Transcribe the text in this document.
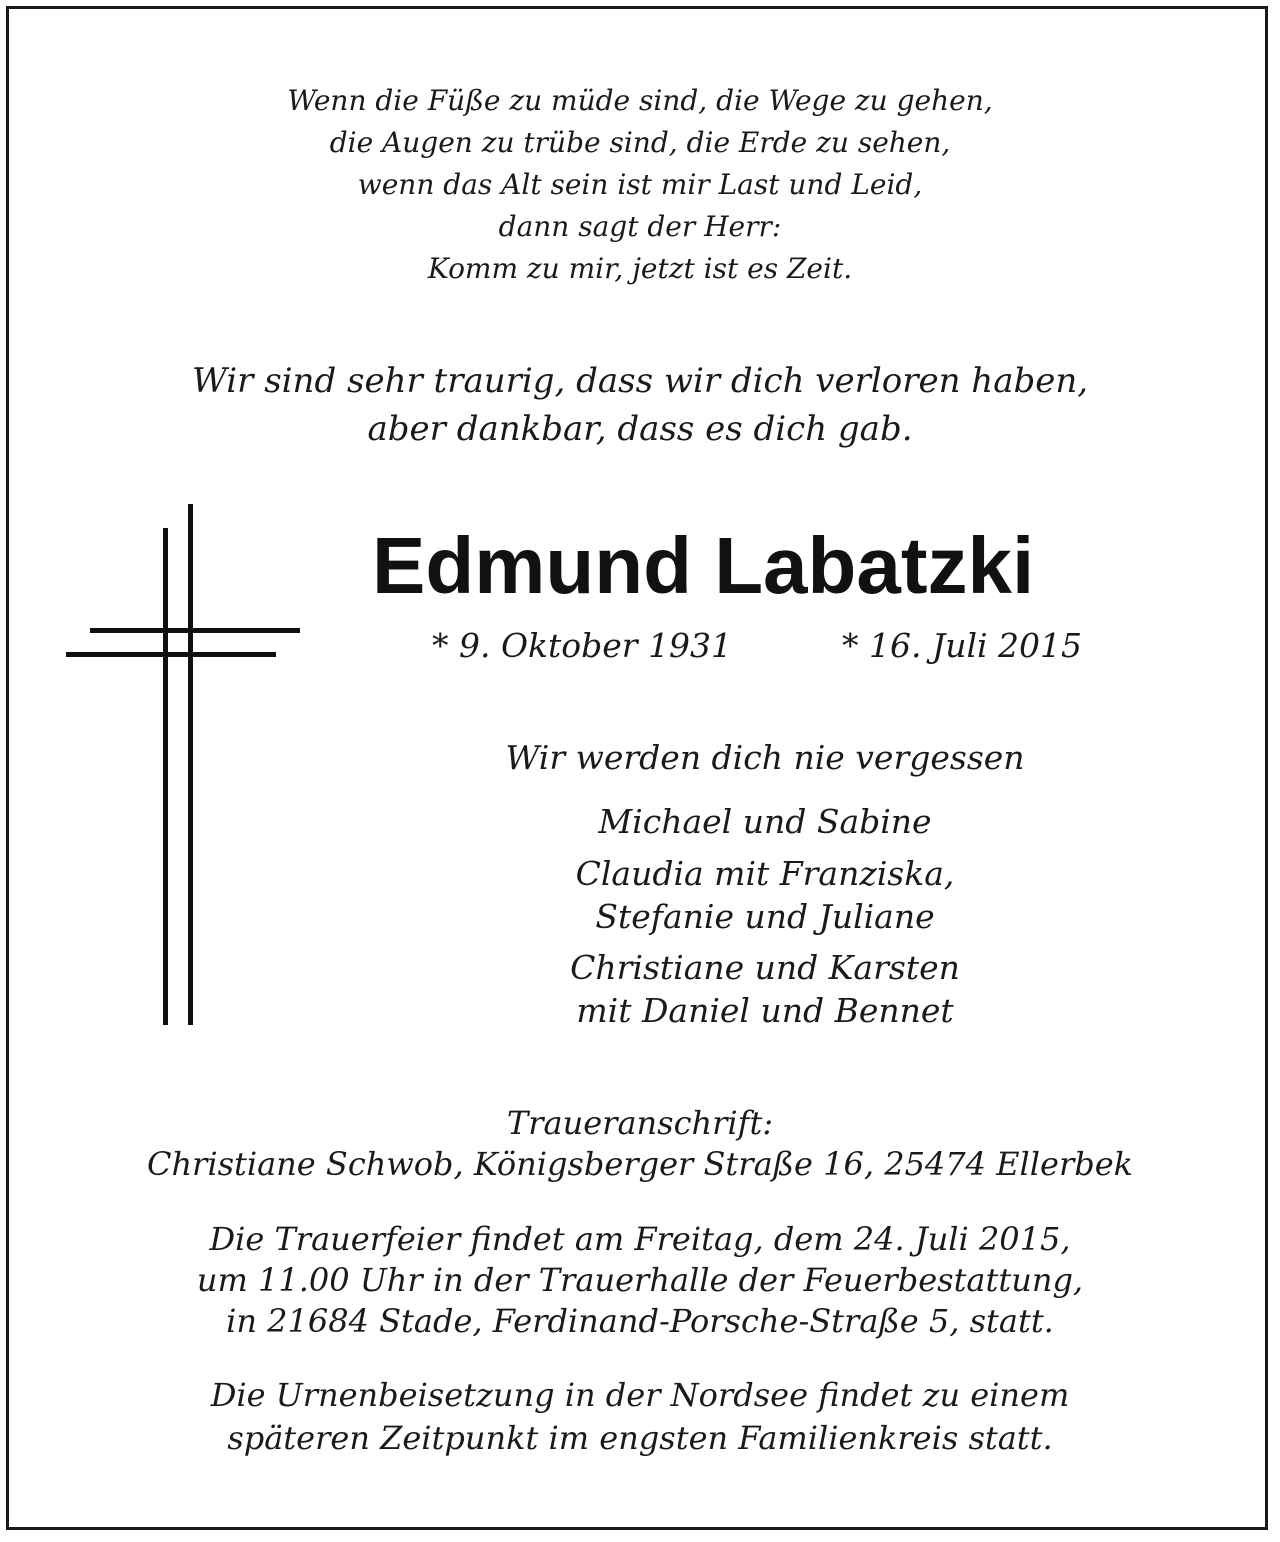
Wenn die Füße zu müde sind, die Wege zu gehen,
die Augen zu trübe sind, die Erde zu sehen,
wenn das Alt sein ist mir Last und Leid,
dann sagt der Herr:
Komm zu mir, jetzt ist es Zeit.
Wir sind sehr traurig, dass wir dich verloren haben,
aber dankbar, dass es dich gab.
Edmund Labatzki
* 9. Oktober 1931	* 16. Juli 2015
Wir werden dich nie vergessen
Michael und Sabine
Claudia mit Franziska,
Stefanie und Juliane
Christiane und Karsten
mit Daniel und Bennet
Traueranschrift:
Christiane Schwob, Königsberger Straße 16, 25474 Ellerbek
Die Trauerfeier findet am Freitag, dem 24. Juli 2015,
um 11.00 Uhr in der Trauerhalle der Feuerbestattung,
in 21684 Stade, Ferdinand-Porsche-Straße 5, statt.
Die Urnenbeisetzung in der Nordsee findet zu einem
späteren Zeitpunkt im engsten Familienkreis statt.
